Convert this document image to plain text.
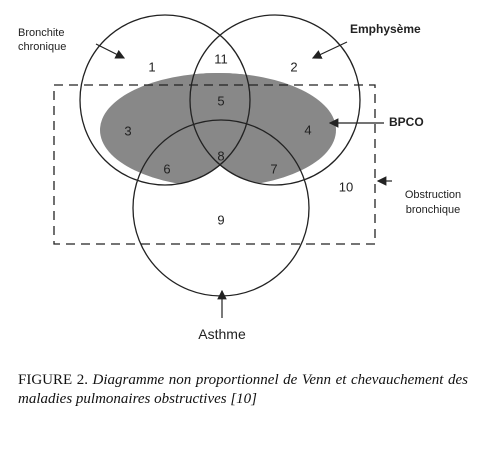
1	2
3	4
5
6	7
8
9
10
11
Bronchite
chronique
Emphysème
BPCO
Obstruction
bronchique
Asthme
FIGURE 2. Diagramme non proportionnel de Venn et chevauchement des maladies pulmonaires obstructives [10]
